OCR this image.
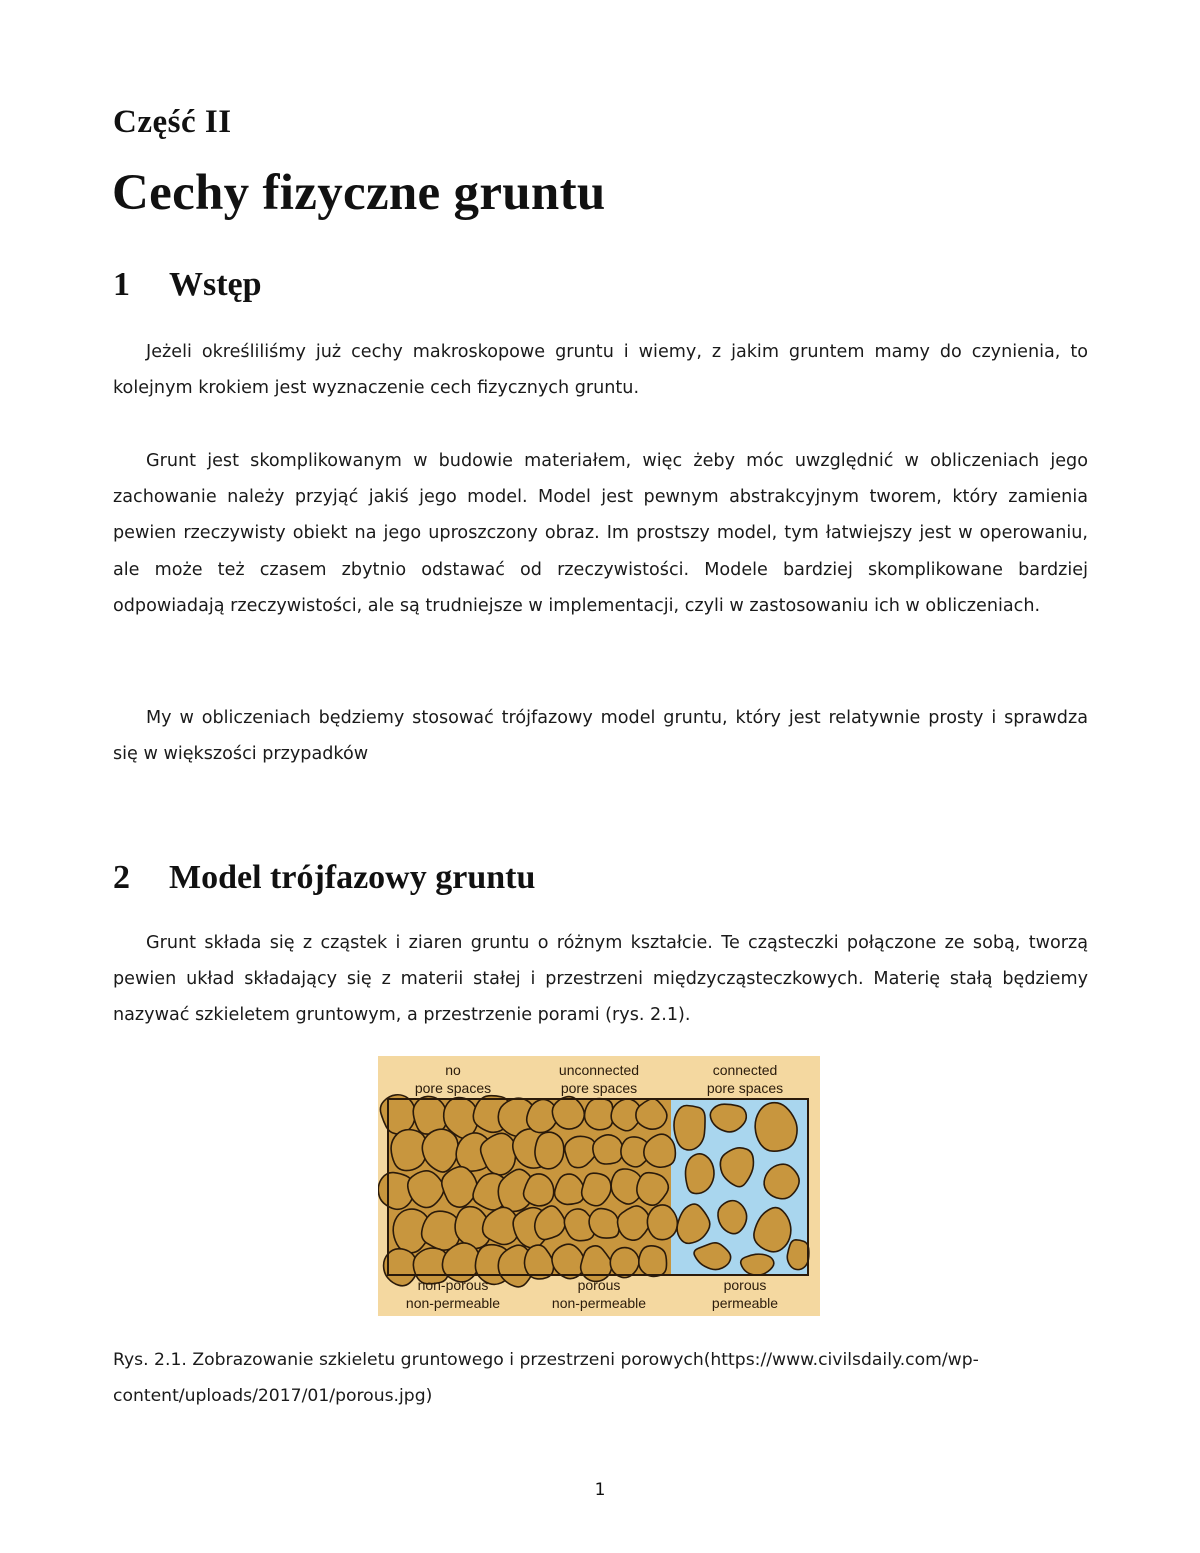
Część II
Cechy fizyczne gruntu
1 Wstęp

Jeżeli określiliśmy już cechy makroskopowe gruntu i wiemy, z jakim gruntem mamy do czynienia, to kolejnym krokiem jest wyznaczenie cech fizycznych gruntu.

Grunt jest skomplikowanym w budowie materiałem, więc żeby móc uwzględnić w obliczeniach jego zachowanie należy przyjąć jakiś jego model. Model jest pewnym abstrakcyjnym tworem, który zamienia pewien rzeczywisty obiekt na jego uproszczony obraz. Im prostszy model, tym łatwiejszy jest w operowaniu, ale może też czasem zbytnio odstawać od rzeczywistości. Modele bardziej skomplikowane bardziej odpowiadają rzeczywistości, ale są trudniejsze w implementacji, czyli w zastosowaniu ich w obliczeniach.

My w obliczeniach będziemy stosować trójfazowy model gruntu, który jest relatywnie prosty i sprawdza się w większości przypadków

2 Model trójfazowy gruntu

Grunt składa się z cząstek i ziaren gruntu o różnym kształcie. Te cząsteczki połączone ze sobą, tworzą pewien układ składający się z materii stałej i przestrzeni międzycząsteczkowych. Materię stałą będziemy nazywać szkieletem gruntowym, a przestrzenie porami (rys. 2.1).

no
pore spaces
unconnected
pore spaces
connected
pore spaces
non-porous
non-permeable
porous
non-permeable
porous
permeable
Rys. 2.1. Zobrazowanie szkieletu gruntowego i przestrzeni porowych(https://www.civilsdaily.com/wp-content/uploads/2017/01/porous.jpg)
1
